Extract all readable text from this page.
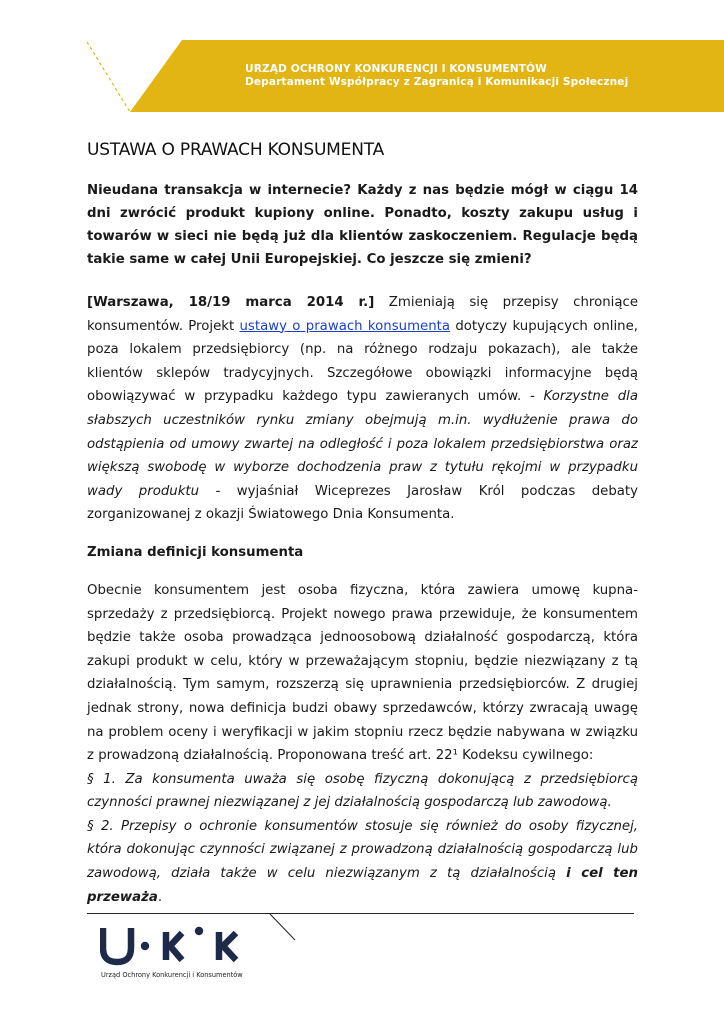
URZĄD OCHRONY KONKURENCJI I KONSUMENTÓW
Departament Współpracy z Zagranicą i Komunikacji Społecznej
USTAWA O PRAWACH KONSUMENTA

Nieudana transakcja w internecie? Każdy z nas będzie mógł w ciągu 14 dni zwrócić produkt kupiony online. Ponadto, koszty zakupu usług i towarów w sieci nie będą już dla klientów zaskoczeniem. Regulacje będą takie same w całej Unii Europejskiej. Co jeszcze się zmieni?

[Warszawa, 18/19 marca 2014 r.] Zmieniają się przepisy chroniące konsumentów. Projekt ustawy o prawach konsumenta dotyczy kupujących online, poza lokalem przedsiębiorcy (np. na różnego rodzaju pokazach), ale także klientów sklepów tradycyjnych. Szczegółowe obowiązki informacyjne będą obowiązywać w przypadku każdego typu zawieranych umów. - Korzystne dla słabszych uczestników rynku zmiany obejmują m.in. wydłużenie prawa do odstąpienia od umowy zwartej na odległość i poza lokalem przedsiębiorstwa oraz większą swobodę w wyborze dochodzenia praw z tytułu rękojmi w przypadku wady produktu - wyjaśniał Wiceprezes Jarosław Król podczas debaty zorganizowanej z okazji Światowego Dnia Konsumenta.

Zmiana definicji konsumenta

Obecnie konsumentem jest osoba fizyczna, która zawiera umowę kupna-sprzedaży z przedsiębiorcą. Projekt nowego prawa przewiduje, że konsumentem będzie także osoba prowadząca jednoosobową działalność gospodarczą, która zakupi produkt w celu, który w przeważającym stopniu, będzie niezwiązany z tą działalnością. Tym samym, rozszerzą się uprawnienia przedsiębiorców. Z drugiej jednak strony, nowa definicja budzi obawy sprzedawców, którzy zwracają uwagę na problem oceny i weryfikacji w jakim stopniu rzecz będzie nabywana w związku z prowadzoną działalnością. Proponowana treść art. 22¹ Kodeksu cywilnego:

§ 1. Za konsumenta uważa się osobę fizyczną dokonującą z przedsiębiorcą czynności prawnej niezwiązanej z jej działalnością gospodarczą lub zawodową.

§ 2. Przepisy o ochronie konsumentów stosuje się również do osoby fizycznej, która dokonując czynności związanej z prowadzoną działalnością gospodarczą lub zawodową, działa także w celu niezwiązanym z tą działalnością i cel ten przeważa.

Urząd Ochrony Konkurencji i Konsumentów
